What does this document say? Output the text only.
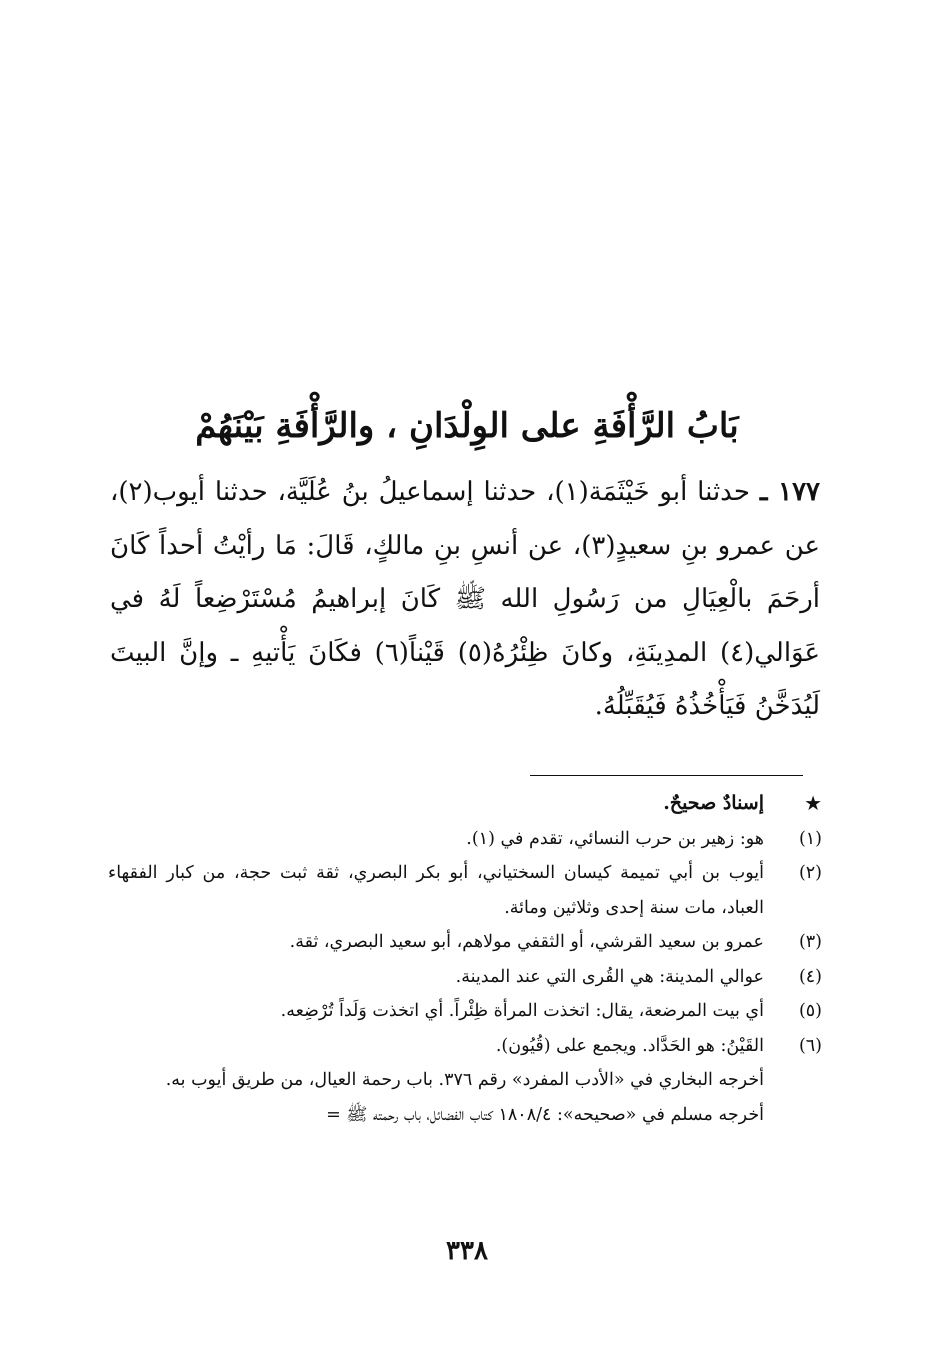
بَابُ الرَّأْفَةِ على الوِلْدَانِ ، والرَّأْفَةِ بَيْنَهُمْ
١٧٧ ـ حدثنا أبو خَيْثَمَة(١)، حدثنا إسماعيلُ بنُ عُلَيَّة، حدثنا أيوب(٢)، عن عمرو بنِ سعيدٍ(٣)، عن أنسِ بنِ مالكٍ، قَالَ: مَا رأيْتُ أحداً كَانَ أرحَمَ بالْعِيَالِ من رَسُولِ الله ﷺ كَانَ إبراهيمُ مُسْتَرْضِعاً لَهُ في عَوَالي(٤) المدِينَةِ، وكانَ ظِئْرُهُ(٥) قَيْناً(٦) فكَانَ يَأْتيهِ ـ وإنَّ البيتَ لَيُدَخَّنُ فَيَأْخُذُهُ فَيُقَبِّلُهُ.
★
إسنادٌ صحيحٌ.
(١)
هو: زهير بن حرب النسائي، تقدم في (١).
(٢)
أيوب بن أبي تميمة كيسان السختياني، أبو بكر البصري، ثقة ثبت حجة، من كبار الفقهاء العباد، مات سنة إحدى وثلاثين ومائة.
(٣)
عمرو بن سعيد القرشي، أو الثقفي مولاهم، أبو سعيد البصري، ثقة.
(٤)
عوالي المدينة: هي القُرى التي عند المدينة.
(٥)
أي بيت المرضعة، يقال: اتخذت المرأة ظِئْراً. أي اتخذت وَلَداً تُرْضِعه.
(٦)
القَيْنُ: هو الحَدَّاد. ويجمع على (قُيُون).
أخرجه البخاري في «الأدب المفرد» رقم ٣٧٦. باب رحمة العيال، من طريق أيوب به.
أخرجه مسلم في «صحيحه»: ١٨٠٨/٤ كتاب الفضائل، باب رحمته ﷺ =
٣٣٨
